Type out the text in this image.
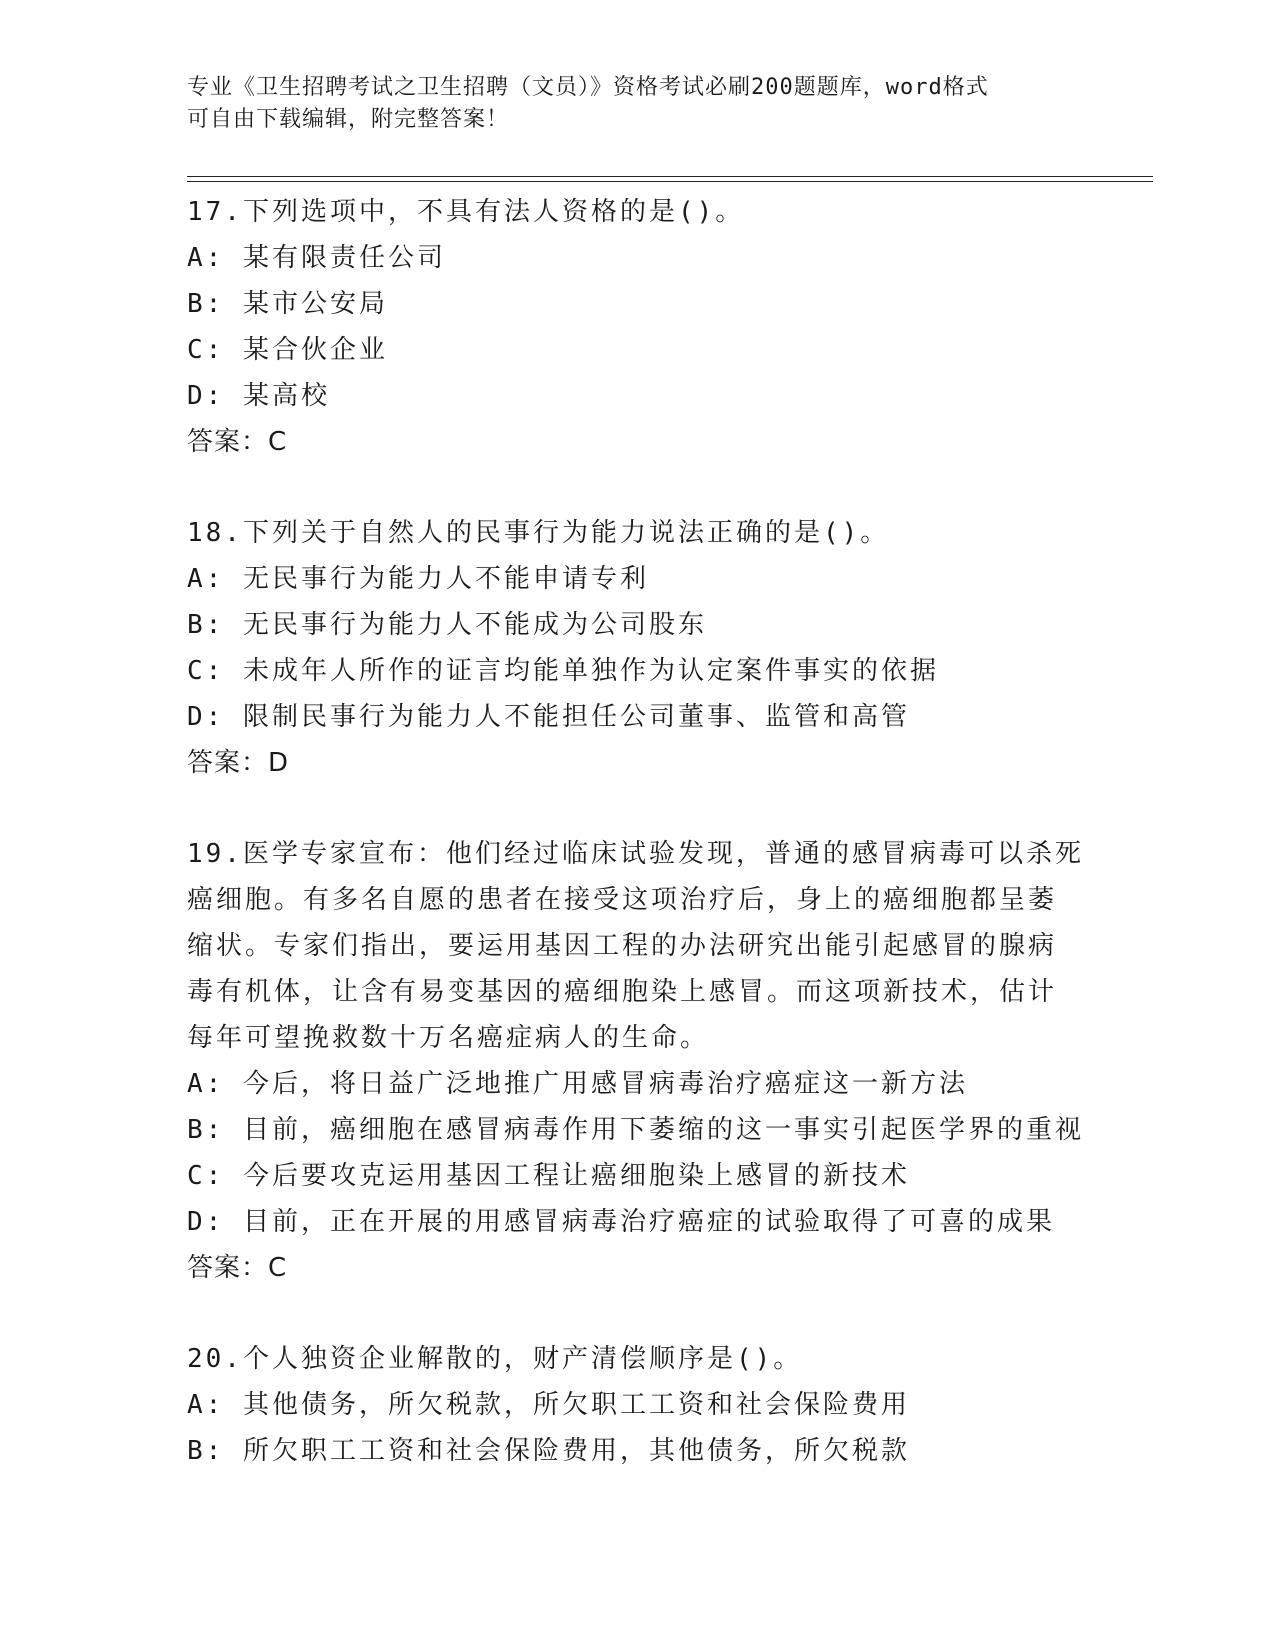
专业《卫生招聘考试之卫生招聘（文员）》资格考试必刷200题题库，word格式
可自由下载编辑，附完整答案！
17.下列选项中，不具有法人资格的是()。
A: 某有限责任公司
B: 某市公安局
C: 某合伙企业
D: 某高校
答案：C
18.下列关于自然人的民事行为能力说法正确的是()。
A: 无民事行为能力人不能申请专利
B: 无民事行为能力人不能成为公司股东
C: 未成年人所作的证言均能单独作为认定案件事实的依据
D: 限制民事行为能力人不能担任公司董事、监管和高管
答案：D
19.医学专家宣布：他们经过临床试验发现，普通的感冒病毒可以杀死
癌细胞。有多名自愿的患者在接受这项治疗后，身上的癌细胞都呈萎
缩状。专家们指出，要运用基因工程的办法研究出能引起感冒的腺病
毒有机体，让含有易变基因的癌细胞染上感冒。而这项新技术，估计
每年可望挽救数十万名癌症病人的生命。
A: 今后，将日益广泛地推广用感冒病毒治疗癌症这一新方法
B: 目前，癌细胞在感冒病毒作用下萎缩的这一事实引起医学界的重视
C: 今后要攻克运用基因工程让癌细胞染上感冒的新技术
D: 目前，正在开展的用感冒病毒治疗癌症的试验取得了可喜的成果
答案：C
20.个人独资企业解散的，财产清偿顺序是()。
A: 其他债务，所欠税款，所欠职工工资和社会保险费用
B: 所欠职工工资和社会保险费用，其他债务，所欠税款
